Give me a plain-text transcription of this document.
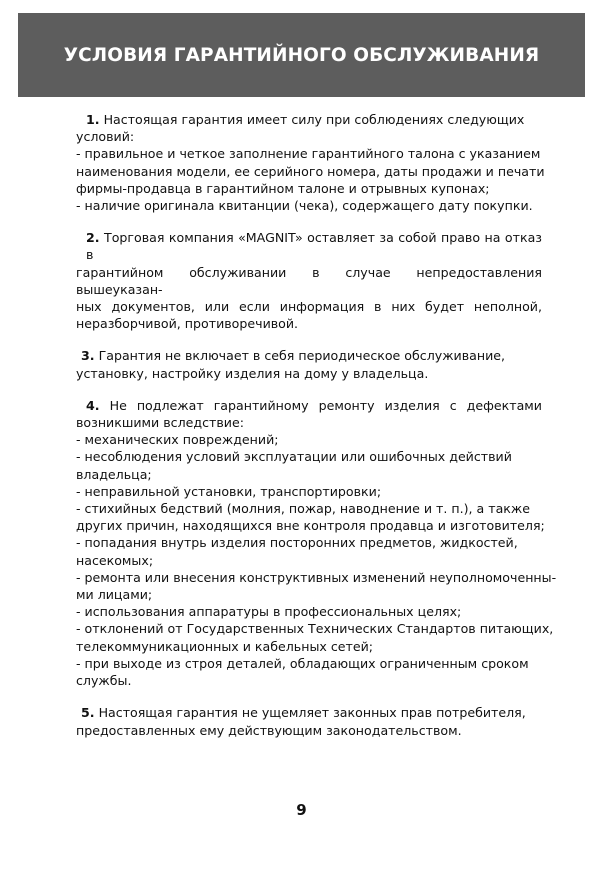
УСЛОВИЯ ГАРАНТИЙНОГО ОБСЛУЖИВАНИЯ
1. Настоящая гарантия имеет силу при соблюдениях следующих
условий:
- правильное и четкое заполнение гарантийного талона с указанием
наименования модели, ее серийного номера, даты продажи и печати
фирмы-продавца в гарантийном талоне и отрывных купонах;
- наличие оригинала квитанции (чека), содержащего дату покупки.
2. Торговая компания «MAGNIT» оставляет за собой право на отказ в
гарантийном обслуживании в случае непредоставления вышеуказан-
ных документов, или если информация в них будет неполной,
неразборчивой, противоречивой.
3. Гарантия не включает в себя периодическое обслуживание,
установку, настройку изделия на дому у владельца.
4. Не подлежат гарантийному ремонту изделия с дефектами
возникшими вследствие:
- механических повреждений;
- несоблюдения условий эксплуатации или ошибочных действий
владельца;
- неправильной установки, транспортировки;
- стихийных бедствий (молния, пожар, наводнение и т. п.), а также
других причин, находящихся вне контроля продавца и изготовителя;
- попадания внутрь изделия посторонних предметов, жидкостей,
насекомых;
- ремонта или внесения конструктивных изменений неуполномоченны-
ми лицами;
- использования аппаратуры в профессиональных целях;
- отклонений от Государственных Технических Стандартов питающих,
телекоммуникационных и кабельных сетей;
- при выходе из строя деталей, обладающих ограниченным сроком
службы.
5. Настоящая гарантия не ущемляет законных прав потребителя,
предоставленных ему действующим законодательством.
9
